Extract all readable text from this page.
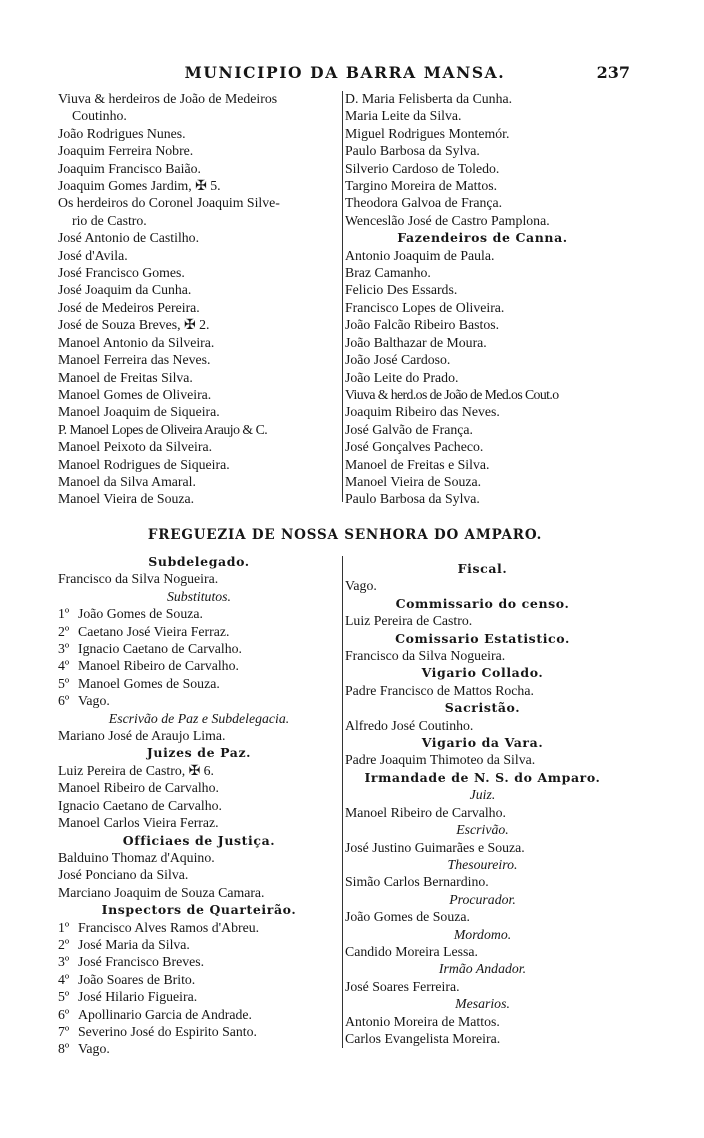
MUNICIPIO DA BARRA MANSA.	237
Viuva & herdeiros de João de Medeiros
Coutinho.
João Rodrigues Nunes.
Joaquim Ferreira Nobre.
Joaquim Francisco Baião.
Joaquim Gomes Jardim, ✠ 5.
Os herdeiros do Coronel Joaquim Silve-
rio de Castro.
José Antonio de Castilho.
José d'Avila.
José Francisco Gomes.
José Joaquim da Cunha.
José de Medeiros Pereira.
José de Souza Breves, ✠ 2.
Manoel Antonio da Silveira.
Manoel Ferreira das Neves.
Manoel de Freitas Silva.
Manoel Gomes de Oliveira.
Manoel Joaquim de Siqueira.
P. Manoel Lopes de Oliveira Araujo & C.
Manoel Peixoto da Silveira.
Manoel Rodrigues de Siqueira.
Manoel da Silva Amaral.
Manoel Vieira de Souza.
D. Maria Felisberta da Cunha.
Maria Leite da Silva.
Miguel Rodrigues Montemór.
Paulo Barbosa da Sylva.
Silverio Cardoso de Toledo.
Targino Moreira de Mattos.
Theodora Galvoa de França.
Wenceslão José de Castro Pamplona.
Fazendeiros de Canna.
Antonio Joaquim de Paula.
Braz Camanho.
Felicio Des Essards.
Francisco Lopes de Oliveira.
João Falcão Ribeiro Bastos.
João Balthazar de Moura.
João José Cardoso.
João Leite do Prado.
Viuva & herd.os de João de Med.os Cout.o
Joaquim Ribeiro das Neves.
José Galvão de França.
José Gonçalves Pacheco.
Manoel de Freitas e Silva.
Manoel Vieira de Souza.
Paulo Barbosa da Sylva.
FREGUEZIA DE NOSSA SENHORA DO AMPARO.
Subdelegado.
Francisco da Silva Nogueira.
Substitutos.
1º João Gomes de Souza.
2º Caetano José Vieira Ferraz.
3º Ignacio Caetano de Carvalho.
4º Manoel Ribeiro de Carvalho.
5º Manoel Gomes de Souza.
6º Vago.
Escrivão de Paz e Subdelegacia.
Mariano José de Araujo Lima.
Juizes de Paz.
Luiz Pereira de Castro, ✠ 6.
Manoel Ribeiro de Carvalho.
Ignacio Caetano de Carvalho.
Manoel Carlos Vieira Ferraz.
Officiaes de Justiça.
Balduino Thomaz d'Aquino.
José Ponciano da Silva.
Marciano Joaquim de Souza Camara.
Inspectors de Quarteirão.
1º Francisco Alves Ramos d'Abreu.
2º José Maria da Silva.
3º José Francisco Breves.
4º João Soares de Brito.
5º José Hilario Figueira.
6º Apollinario Garcia de Andrade.
7º Severino José do Espirito Santo.
8º Vago.
Fiscal.
Vago.
Commissario do censo.
Luiz Pereira de Castro.
Comissario Estatistico.
Francisco da Silva Nogueira.
Vigario Collado.
Padre Francisco de Mattos Rocha.
Sacristão.
Alfredo José Coutinho.
Vigario da Vara.
Padre Joaquim Thimoteo da Silva.
Irmandade de N. S. do Amparo.
Juiz.
Manoel Ribeiro de Carvalho.
Escrivão.
José Justino Guimarães e Souza.
Thesoureiro.
Simão Carlos Bernardino.
Procurador.
João Gomes de Souza.
Mordomo.
Candido Moreira Lessa.
Irmão Andador.
José Soares Ferreira.
Mesarios.
Antonio Moreira de Mattos.
Carlos Evangelista Moreira.
